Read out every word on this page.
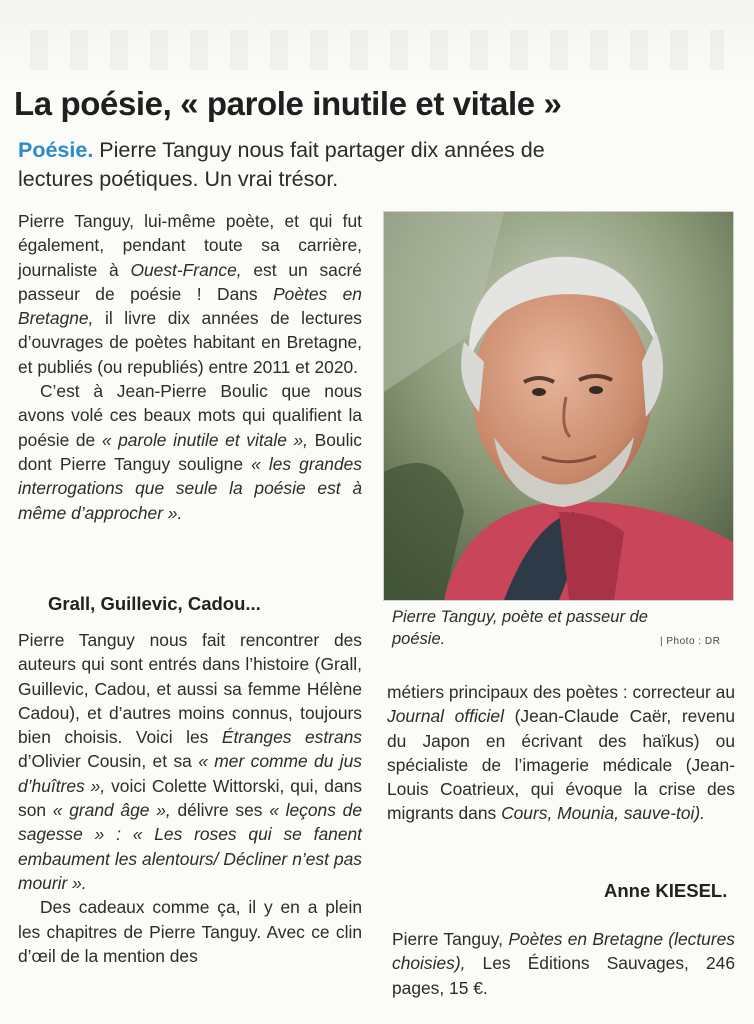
La poésie, « parole inutile et vitale »
Poésie. Pierre Tanguy nous fait partager dix années de lectures poétiques. Un vrai trésor.

Pierre Tanguy, lui-même poète, et qui fut également, pendant toute sa carrière, journaliste à Ouest-France, est un sacré passeur de poésie ! Dans Poètes en Bretagne, il livre dix années de lectures d’ouvrages de poètes habitant en Bretagne, et publiés (ou republiés) entre 2011 et 2020.

C’est à Jean-Pierre Boulic que nous avons volé ces beaux mots qui qualifient la poésie de « parole inutile et vitale », Boulic dont Pierre Tanguy souligne « les grandes interrogations que seule la poésie est à même d’approcher ».

Grall, Guillevic, Cadou...

Pierre Tanguy nous fait rencontrer des auteurs qui sont entrés dans l’histoire (Grall, Guillevic, Cadou, et aussi sa femme Hélène Cadou), et d’autres moins connus, toujours bien choisis. Voici les Étranges estrans d’Olivier Cousin, et sa « mer comme du jus d’huîtres », voici Colette Wittorski, qui, dans son « grand âge », délivre ses « leçons de sagesse » : « Les roses qui se fanent embaument les alentours/ Décliner n’est pas mourir ».

Des cadeaux comme ça, il y en a plein les chapitres de Pierre Tanguy. Avec ce clin d’œil de la mention des

Pierre Tanguy, poète et passeur de poésie.	| Photo : DR

métiers principaux des poètes : correcteur au Journal officiel (Jean-Claude Caër, revenu du Japon en écrivant des haïkus) ou spécialiste de l’imagerie médicale (Jean-Louis Coatrieux, qui évoque la crise des migrants dans Cours, Mounia, sauve-toi).

Anne KIESEL.
Pierre Tanguy, Poètes en Bretagne (lectures choisies), Les Éditions Sauvages, 246 pages, 15 €.
